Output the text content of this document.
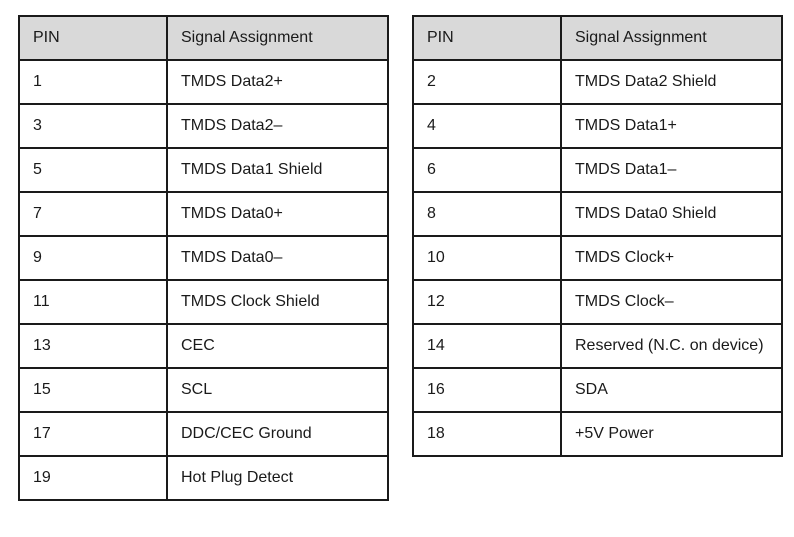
PIN	Signal Assignment
1	TMDS Data2+
3	TMDS Data2–
5	TMDS Data1 Shield
7	TMDS Data0+
9	TMDS Data0–
11	TMDS Clock Shield
13	CEC
15	SCL
17	DDC/CEC Ground
19	Hot Plug Detect
PIN	Signal Assignment
2	TMDS Data2 Shield
4	TMDS Data1+
6	TMDS Data1–
8	TMDS Data0 Shield
10	TMDS Clock+
12	TMDS Clock–
14	Reserved (N.C. on device)
16	SDA
18	+5V Power
